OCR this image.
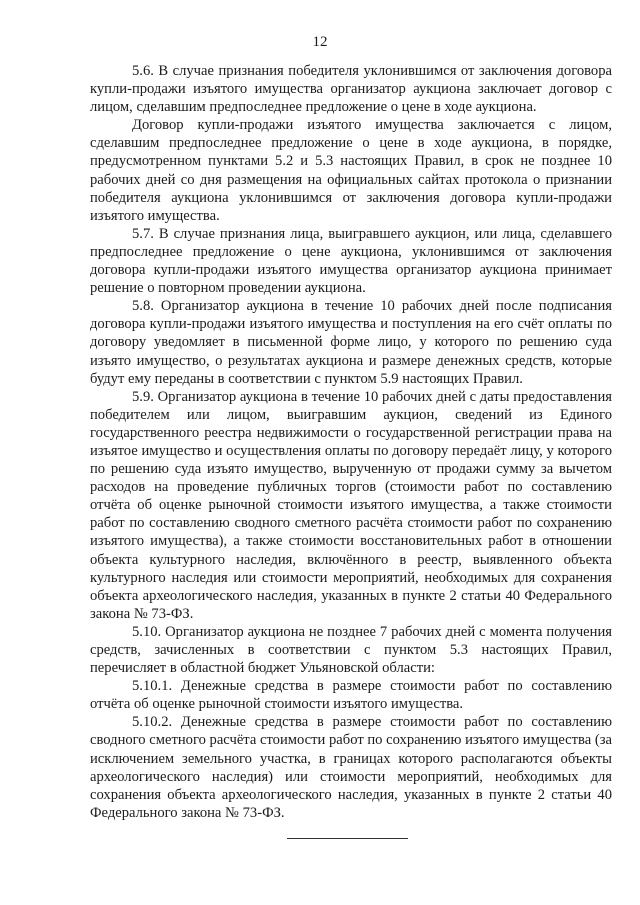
12

5.6. В случае признания победителя уклонившимся от заключения договора купли-продажи изъятого имущества организатор аукциона заключает договор с лицом, сделавшим предпоследнее предложение о цене в ходе аукциона.

Договор купли-продажи изъятого имущества заключается с лицом, сделавшим предпоследнее предложение о цене в ходе аукциона, в порядке, предусмотренном пунктами 5.2 и 5.3 настоящих Правил, в срок не позднее 10 рабочих дней со дня размещения на официальных сайтах протокола о признании победителя аукциона уклонившимся от заключения договора купли-продажи изъятого имущества.

5.7. В случае признания лица, выигравшего аукцион, или лица, сделавшего предпоследнее предложение о цене аукциона, уклонившимся от заключения договора купли-продажи изъятого имущества организатор аукциона принимает решение о повторном проведении аукциона.

5.8. Организатор аукциона в течение 10 рабочих дней после подписания договора купли-продажи изъятого имущества и поступления на его счёт оплаты по договору уведомляет в письменной форме лицо, у которого по решению суда изъято имущество, о результатах аукциона и размере денежных средств, которые будут ему переданы в соответствии с пунктом 5.9 настоящих Правил.

5.9. Организатор аукциона в течение 10 рабочих дней с даты предоставления победителем или лицом, выигравшим аукцион, сведений из Единого государственного реестра недвижимости о государственной регистрации права на изъятое имущество и осуществления оплаты по договору передаёт лицу, у которого по решению суда изъято имущество, вырученную от продажи сумму за вычетом расходов на проведение публичных торгов (стоимости работ по составлению отчёта об оценке рыночной стоимости изъятого имущества, а также стоимости работ по составлению сводного сметного расчёта стоимости работ по сохранению изъятого имущества), а также стоимости восстановительных работ в отношении объекта культурного наследия, включённого в реестр, выявленного объекта культурного наследия или стоимости мероприятий, необходимых для сохранения объекта археологического наследия, указанных в пункте 2 статьи 40 Федерального закона № 73-ФЗ.

5.10. Организатор аукциона не позднее 7 рабочих дней с момента получения средств, зачисленных в соответствии с пунктом 5.3 настоящих Правил, перечисляет в областной бюджет Ульяновской области:

5.10.1. Денежные средства в размере стоимости работ по составлению отчёта об оценке рыночной стоимости изъятого имущества.

5.10.2. Денежные средства в размере стоимости работ по составлению сводного сметного расчёта стоимости работ по сохранению изъятого имущества (за исключением земельного участка, в границах которого располагаются объекты археологического наследия) или стоимости мероприятий, необходимых для сохранения объекта археологического наследия, указанных в пункте 2 статьи 40 Федерального закона № 73-ФЗ.
